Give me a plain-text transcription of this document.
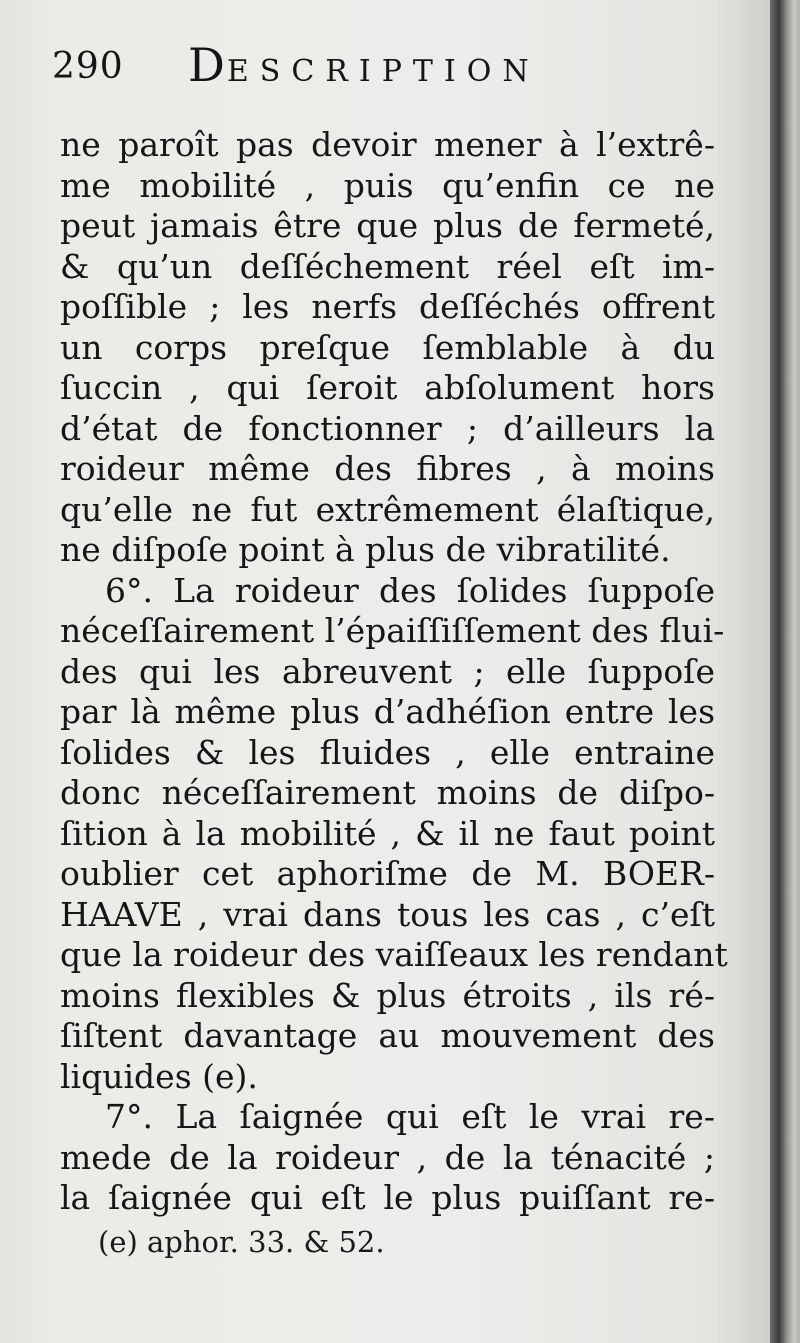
290 DESCRIPTION
ne paroît pas devoir mener à l’extrê-
me mobilité , puis qu’enfin ce ne
peut jamais être que plus de fermeté,
& qu’un deſſéchement réel eſt im-
poſſible ; les nerfs deſſéchés offrent
un corps preſque ſemblable à du
ſuccin , qui ſeroit abſolument hors
d’état de fonctionner ; d’ailleurs la
roideur même des fibres , à moins
qu’elle ne fut extrêmement élaſtique,
ne diſpoſe point à plus de vibratilité.
6°. La roideur des ſolides ſuppoſe
néceſſairement l’épaiſſiſſement des flui-
des qui les abreuvent ; elle ſuppoſe
par là même plus d’adhéſion entre les
ſolides & les fluides , elle entraine
donc néceſſairement moins de diſpo-
ſition à la mobilité , & il ne faut point
oublier cet aphoriſme de M. BOER-
HAAVE , vrai dans tous les cas , c’eſt
que la roideur des vaiſſeaux les rendant
moins flexibles & plus étroits , ils ré-
ſiſtent davantage au mouvement des
liquides (e).
7°. La ſaignée qui eſt le vrai re-
mede de la roideur , de la ténacité ;
la ſaignée qui eſt le plus puiſſant re-
(e) aphor. 33. & 52.
